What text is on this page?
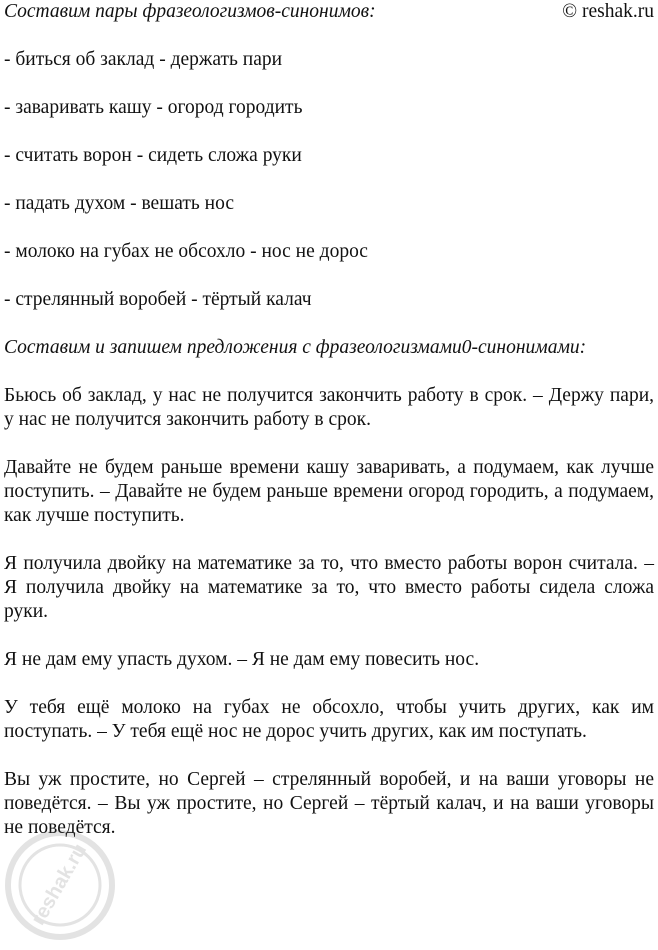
Составим пары фразеологизмов-синонимов:	© reshak.ru

- биться об заклад - держать пари

- заваривать кашу - огород городить

- считать ворон - сидеть сложа руки

- падать духом - вешать нос

- молоко на губах не обсохло - нос не дорос

- стрелянный воробей - тёртый калач

Составим и запишем предложения с фразеологизмами0-синонимами:

Бьюсь об заклад, у нас не получится закончить работу в срок. – Держу пари, у нас не получится закончить работу в срок.

Давайте не будем раньше времени кашу заваривать, а подумаем, как лучше поступить. – Давайте не будем раньше времени огород городить, а подумаем, как лучше поступить.

Я получила двойку на математике за то, что вместо работы ворон считала. – Я получила двойку на математике за то, что вместо работы сидела сложа руки.

Я не дам ему упасть духом. – Я не дам ему повесить нос.

У тебя ещё молоко на губах не обсохло, чтобы учить других, как им поступать. – У тебя ещё нос не дорос учить других, как им поступать.

Вы уж простите, но Сергей – стрелянный воробей, и на ваши уговоры не поведётся. – Вы уж простите, но Сергей – тёртый калач, и на ваши уговоры не поведётся.

reshak.ru
